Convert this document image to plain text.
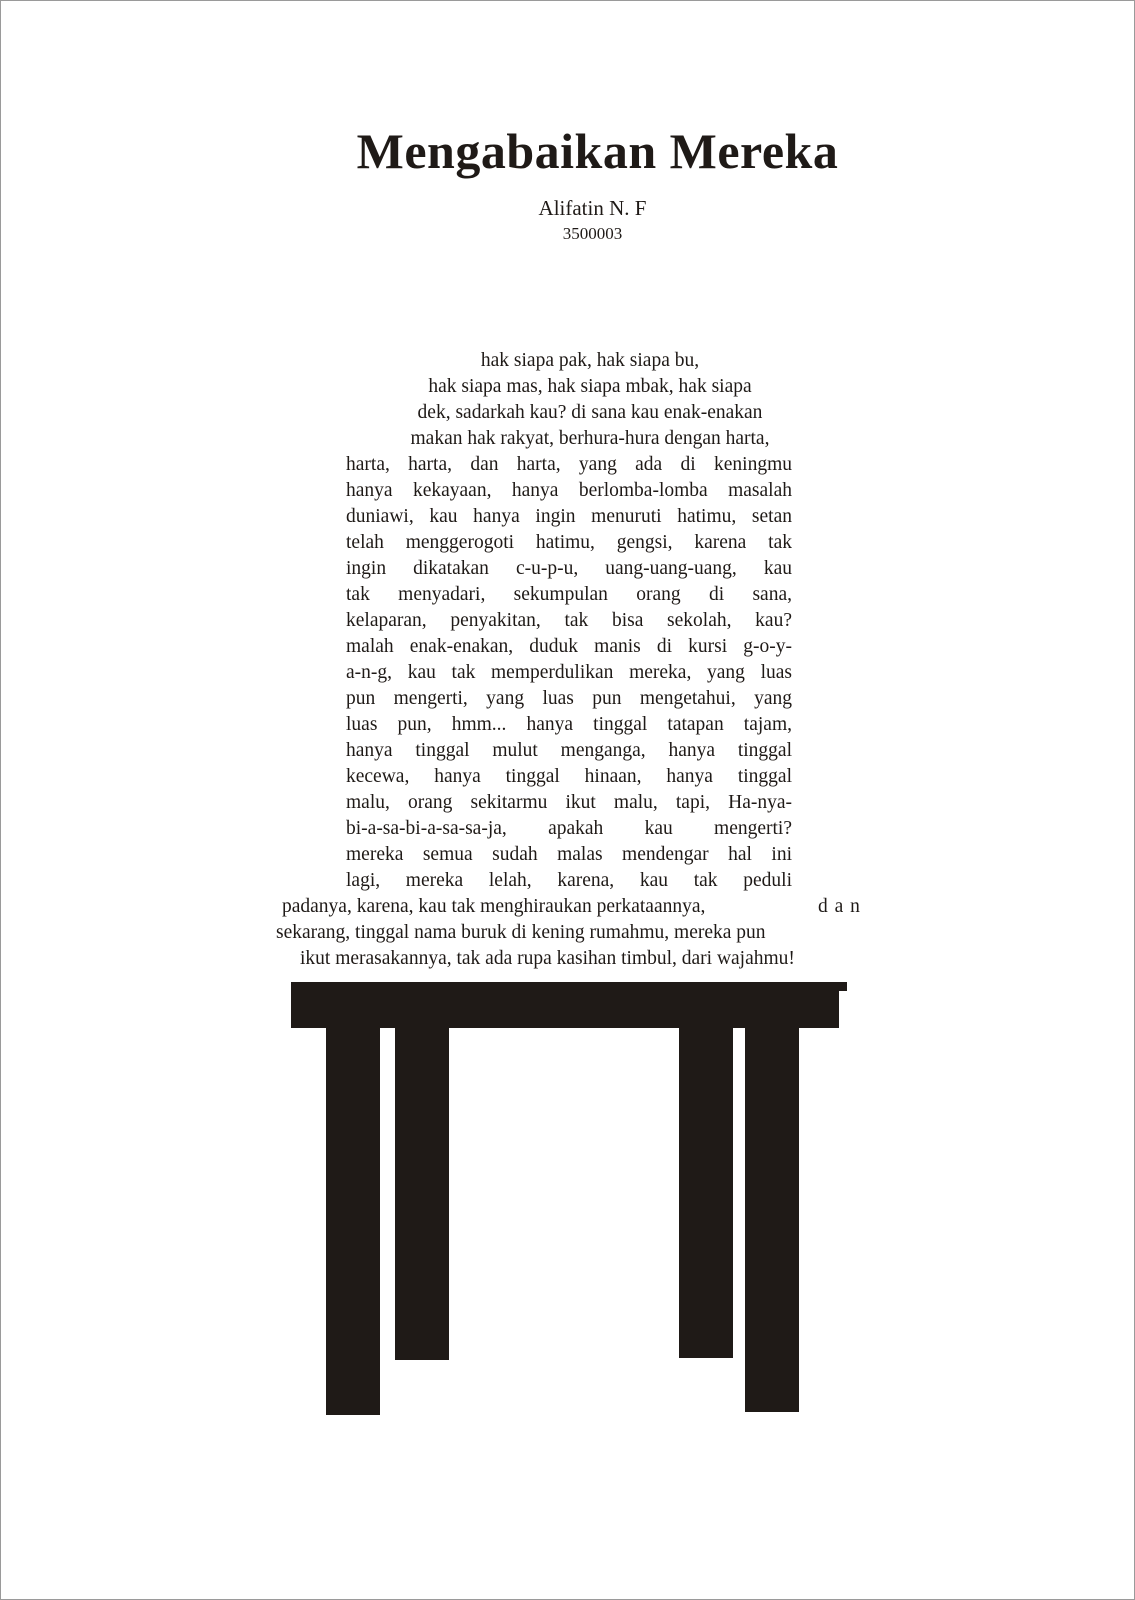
Mengabaikan Mereka
Alifatin N. F
3500003
hak siapa pak, hak siapa bu,
hak siapa mas, hak siapa mbak, hak siapa
dek, sadarkah kau? di sana kau enak-enakan
makan hak rakyat, berhura-hura dengan harta,
harta, harta, dan harta, yang ada di keningmu
hanya kekayaan, hanya berlomba-lomba masalah
duniawi, kau hanya ingin menuruti hatimu, setan
telah menggerogoti hatimu, gengsi, karena tak
ingin dikatakan c-u-p-u, uang-uang-uang, kau
tak menyadari, sekumpulan orang di sana,
kelaparan, penyakitan, tak bisa sekolah, kau?
malah enak-enakan, duduk manis di kursi g-o-y-
a-n-g, kau tak memperdulikan mereka, yang luas
pun mengerti, yang luas pun mengetahui, yang
luas pun, hmm... hanya tinggal tatapan tajam,
hanya tinggal mulut menganga, hanya tinggal
kecewa, hanya tinggal hinaan, hanya tinggal
malu, orang sekitarmu ikut malu, tapi, Ha-nya-
bi-a-sa-bi-a-sa-sa-ja, apakah kau mengerti?
mereka semua sudah malas mendengar hal ini
lagi, mereka lelah, karena, kau tak peduli
padanya, karena, kau tak menghiraukan perkataannya,	d a n
sekarang, tinggal nama buruk di kening rumahmu, mereka pun
ikut merasakannya, tak ada rupa kasihan timbul, dari wajahmu!
